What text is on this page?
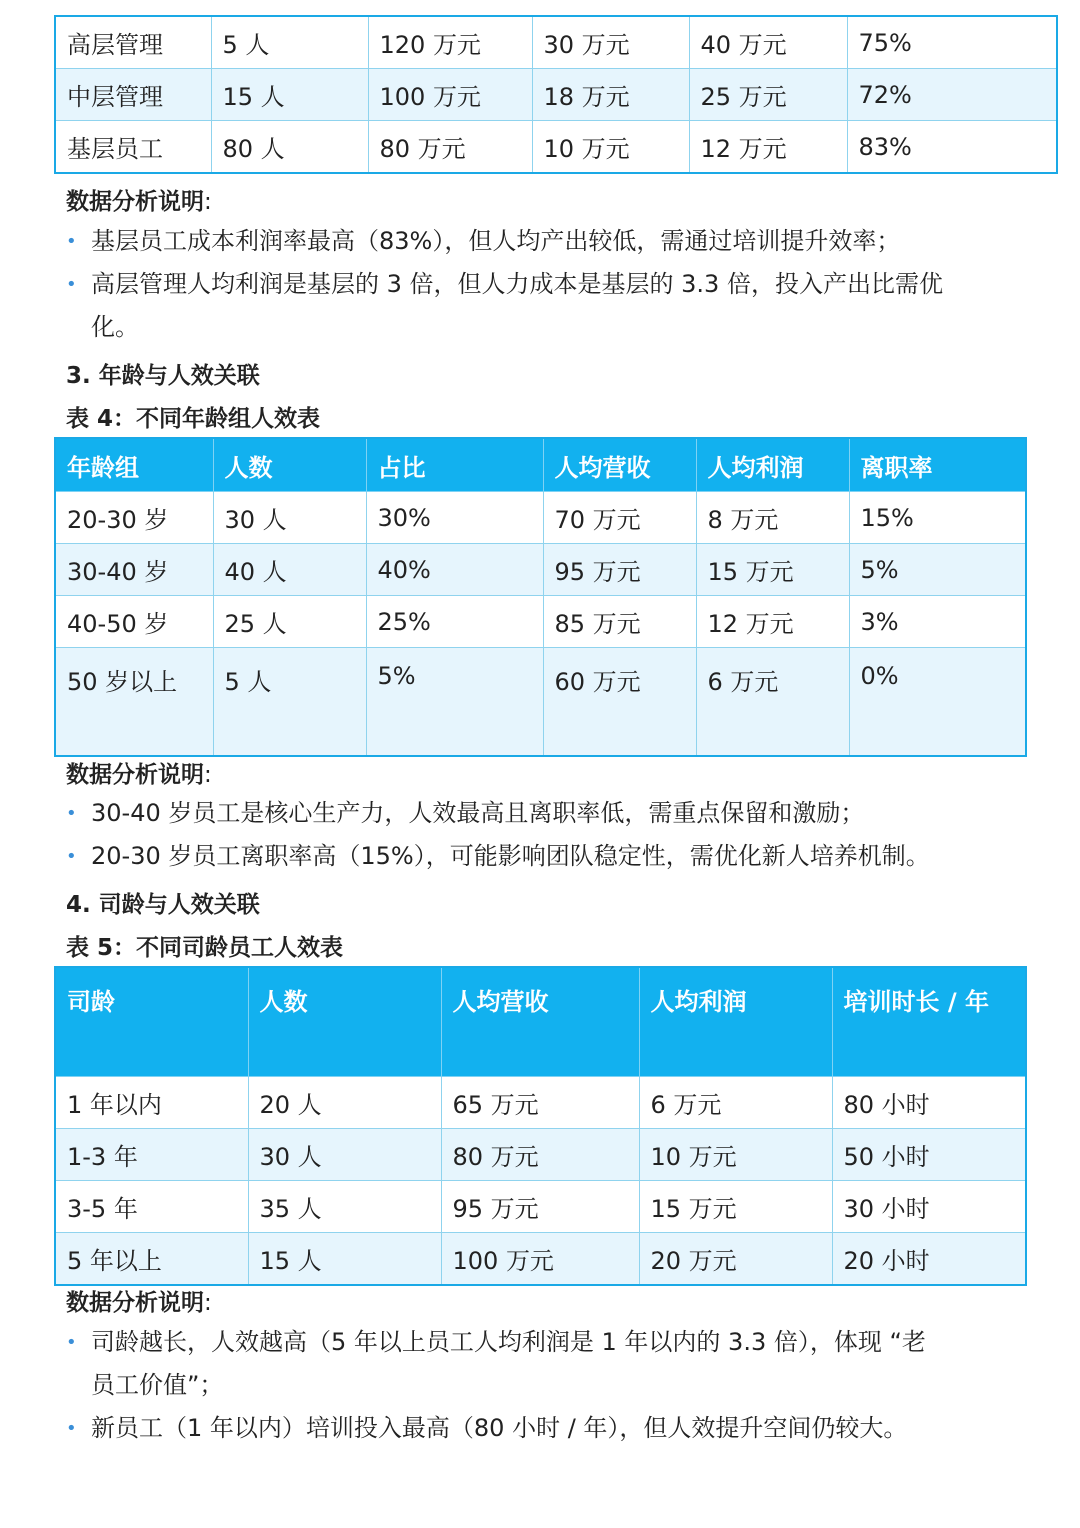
高层管理	5 人	120 万元	30 万元	40 万元	75%
中层管理	15 人	100 万元	18 万元	25 万元	72%
基层员工	80 人	80 万元	10 万元	12 万元	83%

数据分析说明:

• 基层员工成本利润率最高（83%），但人均产出较低，需通过培训提升效率；
• 高层管理人均利润是基层的 3 倍，但人力成本是基层的 3.3 倍，投入产出比需优
化。

3. 年龄与人效关联

表 4：不同年龄组人效表

年龄组	人数	占比	人均营收	人均利润	离职率
20-30 岁	30 人	30%	70 万元	8 万元	15%
30-40 岁	40 人	40%	95 万元	15 万元	5%
40-50 岁	25 人	25%	85 万元	12 万元	3%
50 岁以上	5 人	5%	60 万元	6 万元	0%

数据分析说明:

• 30-40 岁员工是核心生产力，人效最高且离职率低，需重点保留和激励；
• 20-30 岁员工离职率高（15%），可能影响团队稳定性，需优化新人培养机制。

4. 司龄与人效关联

表 5：不同司龄员工人效表

司龄	人数	人均营收	人均利润	培训时长 / 年
1 年以内	20 人	65 万元	6 万元	80 小时
1-3 年	30 人	80 万元	10 万元	50 小时
3-5 年	35 人	95 万元	15 万元	30 小时
5 年以上	15 人	100 万元	20 万元	20 小时

数据分析说明:

• 司龄越长，人效越高（5 年以上员工人均利润是 1 年以内的 3.3 倍），体现 “老
员工价值”；
• 新员工（1 年以内）培训投入最高（80 小时 / 年），但人效提升空间仍较大。
